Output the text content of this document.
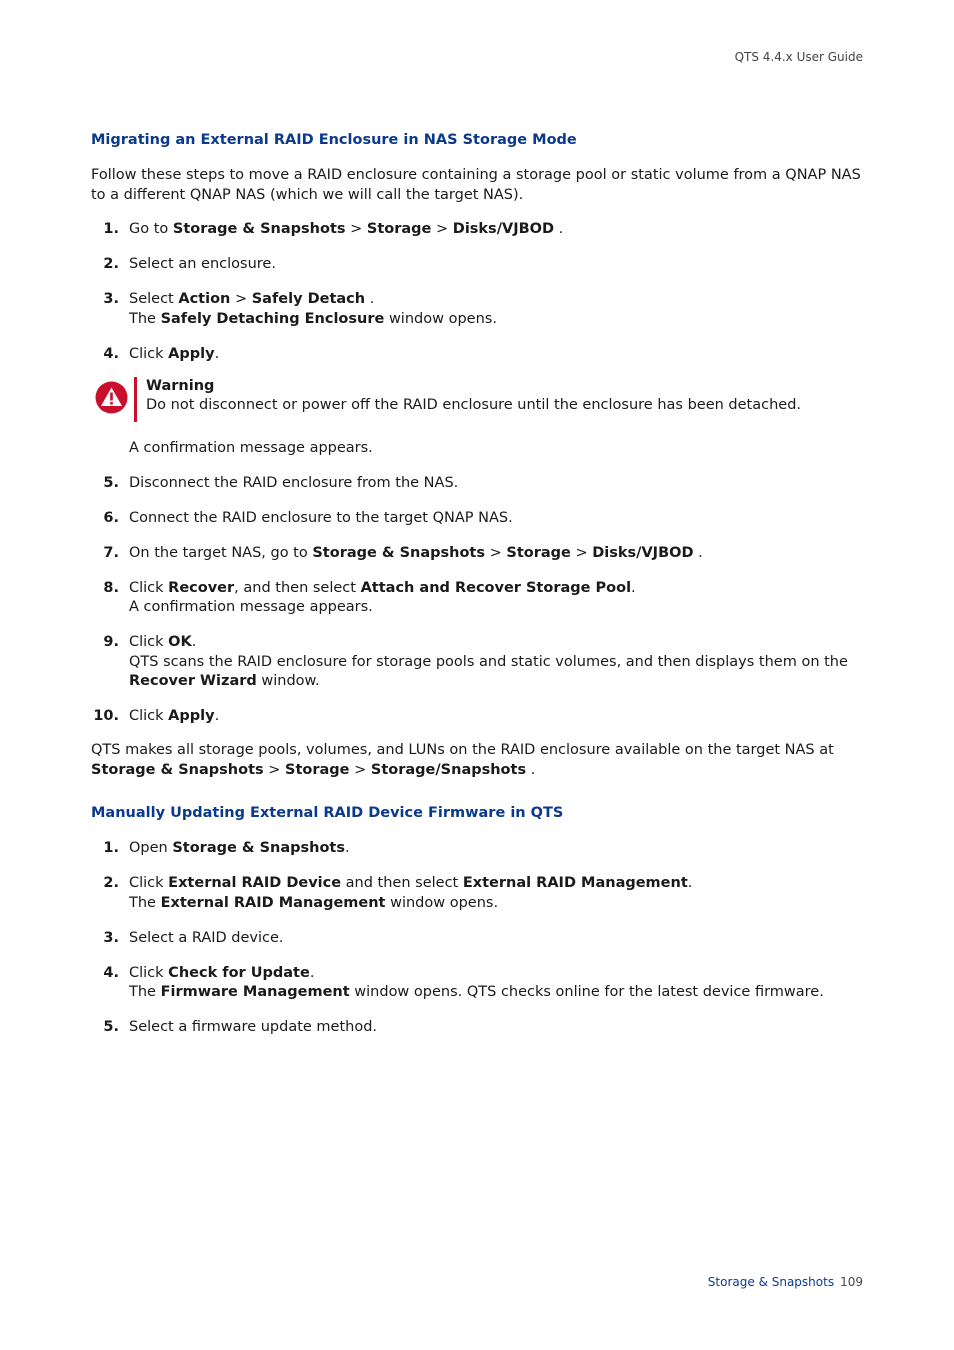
QTS 4.4.x User Guide
Migrating an External RAID Enclosure in NAS Storage Mode

Follow these steps to move a RAID enclosure containing a storage pool or static volume from a QNAP NAS to a different QNAP NAS (which we will call the target NAS).

1. Go to Storage & Snapshots > Storage > Disks/VJBOD .
2. Select an enclosure.
3. Select Action > Safely Detach .
The Safely Detaching Enclosure window opens.
4. Click Apply.
Warning
Do not disconnect or power off the RAID enclosure until the enclosure has been detached.

A confirmation message appears.

5. Disconnect the RAID enclosure from the NAS.
6. Connect the RAID enclosure to the target QNAP NAS.
7. On the target NAS, go to Storage & Snapshots > Storage > Disks/VJBOD .
8. Click Recover, and then select Attach and Recover Storage Pool.
A confirmation message appears.
9. Click OK.
QTS scans the RAID enclosure for storage pools and static volumes, and then displays them on the Recover Wizard window.
10. Click Apply.

QTS makes all storage pools, volumes, and LUNs on the RAID enclosure available on the target NAS at Storage & Snapshots > Storage > Storage/Snapshots .

Manually Updating External RAID Device Firmware in QTS
1. Open Storage & Snapshots.
2. Click External RAID Device and then select External RAID Management.
The External RAID Management window opens.
3. Select a RAID device.
4. Click Check for Update.
The Firmware Management window opens. QTS checks online for the latest device firmware.
5. Select a firmware update method.
Storage & Snapshots 109
